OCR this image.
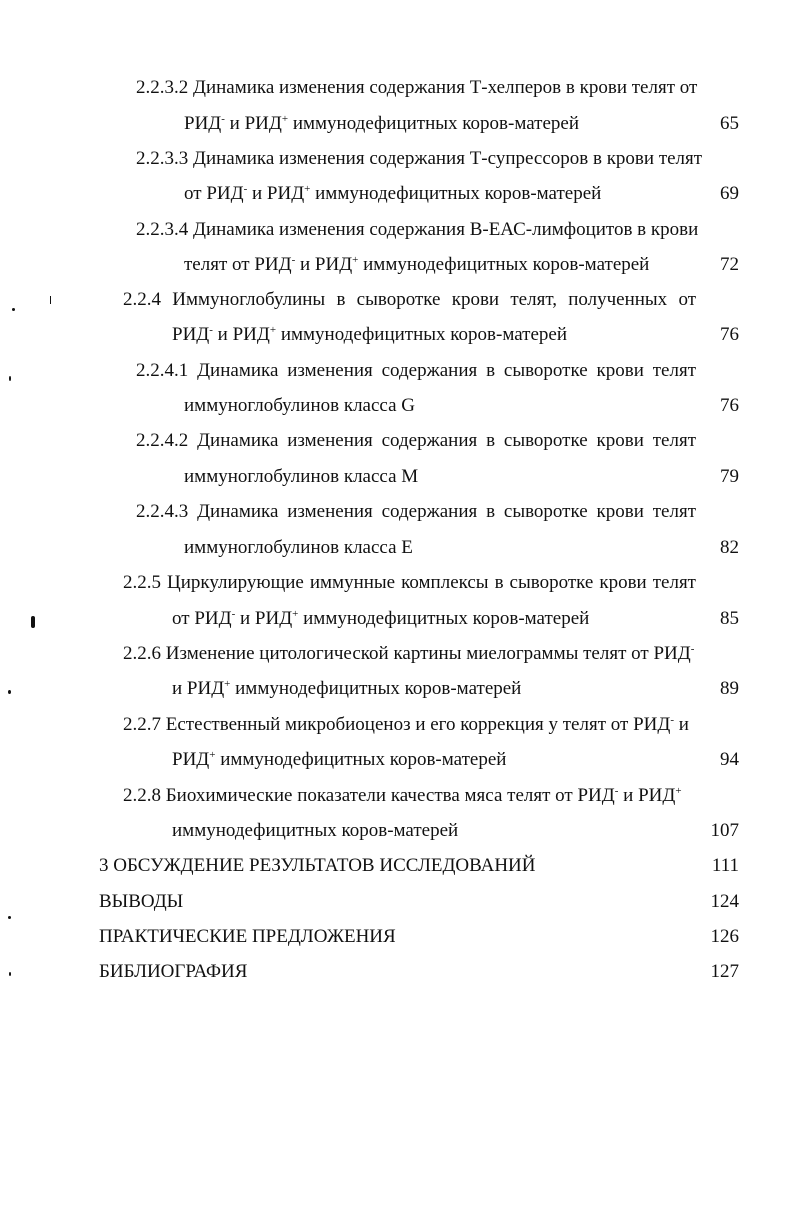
2.2.3.2 Динамика изменения содержания Т-хелперов в крови телят от
РИД- и РИД+ иммунодефицитных коров-матерей	65
2.2.3.3 Динамика изменения содержания Т-супрессоров в крови телят
от РИД- и РИД+ иммунодефицитных коров-матерей	69
2.2.3.4 Динамика изменения содержания В-ЕАС-лимфоцитов в крови
телят от РИД- и РИД+ иммунодефицитных коров-матерей	72
2.2.4 Иммуноглобулины в сыворотке крови телят, полученных от
РИД- и РИД+ иммунодефицитных коров-матерей	76
2.2.4.1 Динамика изменения содержания в сыворотке крови телят
иммуноглобулинов класса G	76
2.2.4.2 Динамика изменения содержания в сыворотке крови телят
иммуноглобулинов класса М	79
2.2.4.3 Динамика изменения содержания в сыворотке крови телят
иммуноглобулинов класса Е	82
2.2.5 Циркулирующие иммунные комплексы в сыворотке крови телят
от РИД- и РИД+ иммунодефицитных коров-матерей	85
2.2.6 Изменение цитологической картины миелограммы телят от РИД-
и РИД+ иммунодефицитных коров-матерей	89
2.2.7 Естественный микробиоценоз и его коррекция у телят от РИД- и
РИД+ иммунодефицитных коров-матерей	94
2.2.8 Биохимические показатели качества мяса телят от РИД- и РИД+
иммунодефицитных коров-матерей	107
3 ОБСУЖДЕНИЕ РЕЗУЛЬТАТОВ ИССЛЕДОВАНИЙ	111
ВЫВОДЫ	124
ПРАКТИЧЕСКИЕ ПРЕДЛОЖЕНИЯ	126
БИБЛИОГРАФИЯ	127
